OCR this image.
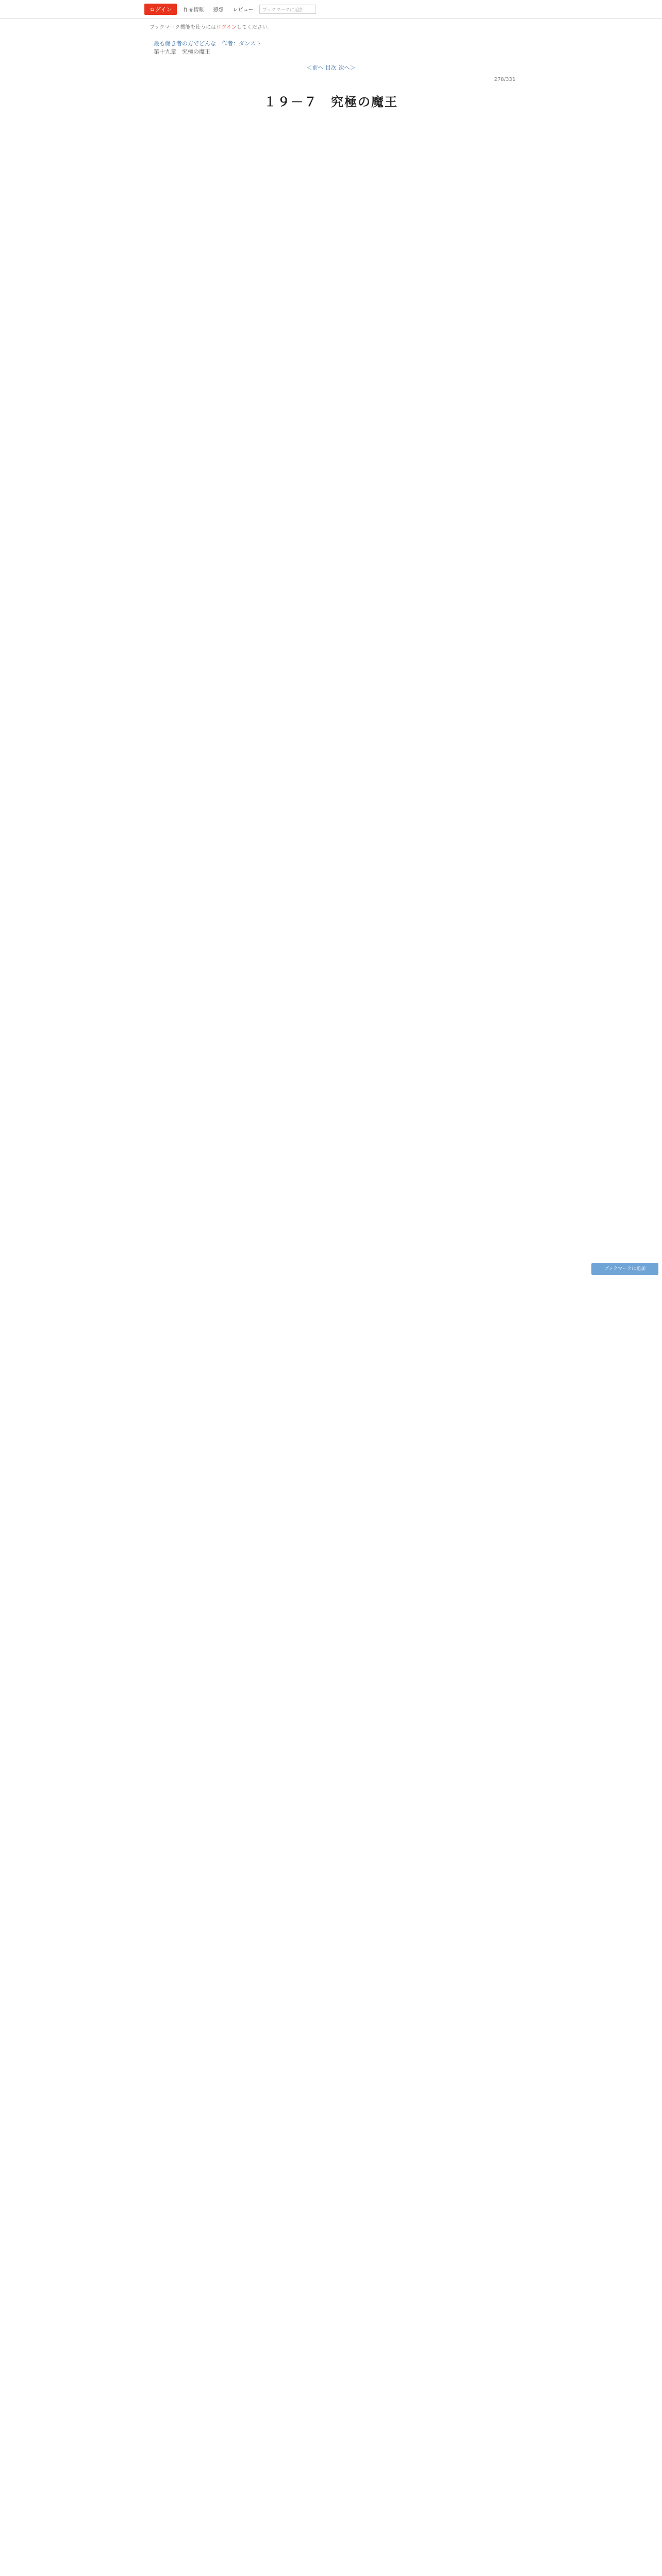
ログイン	作品情報	感想	レビュー	ブックマークに追加
ブックマーク機能を使うにはログインしてください。
最も働き者の方でどんな　作者：ダンスト
第十九章　究極の魔王
＜前へ 目次 次へ＞
278/331
１９－７　究極の魔王
ブックマークに追加
